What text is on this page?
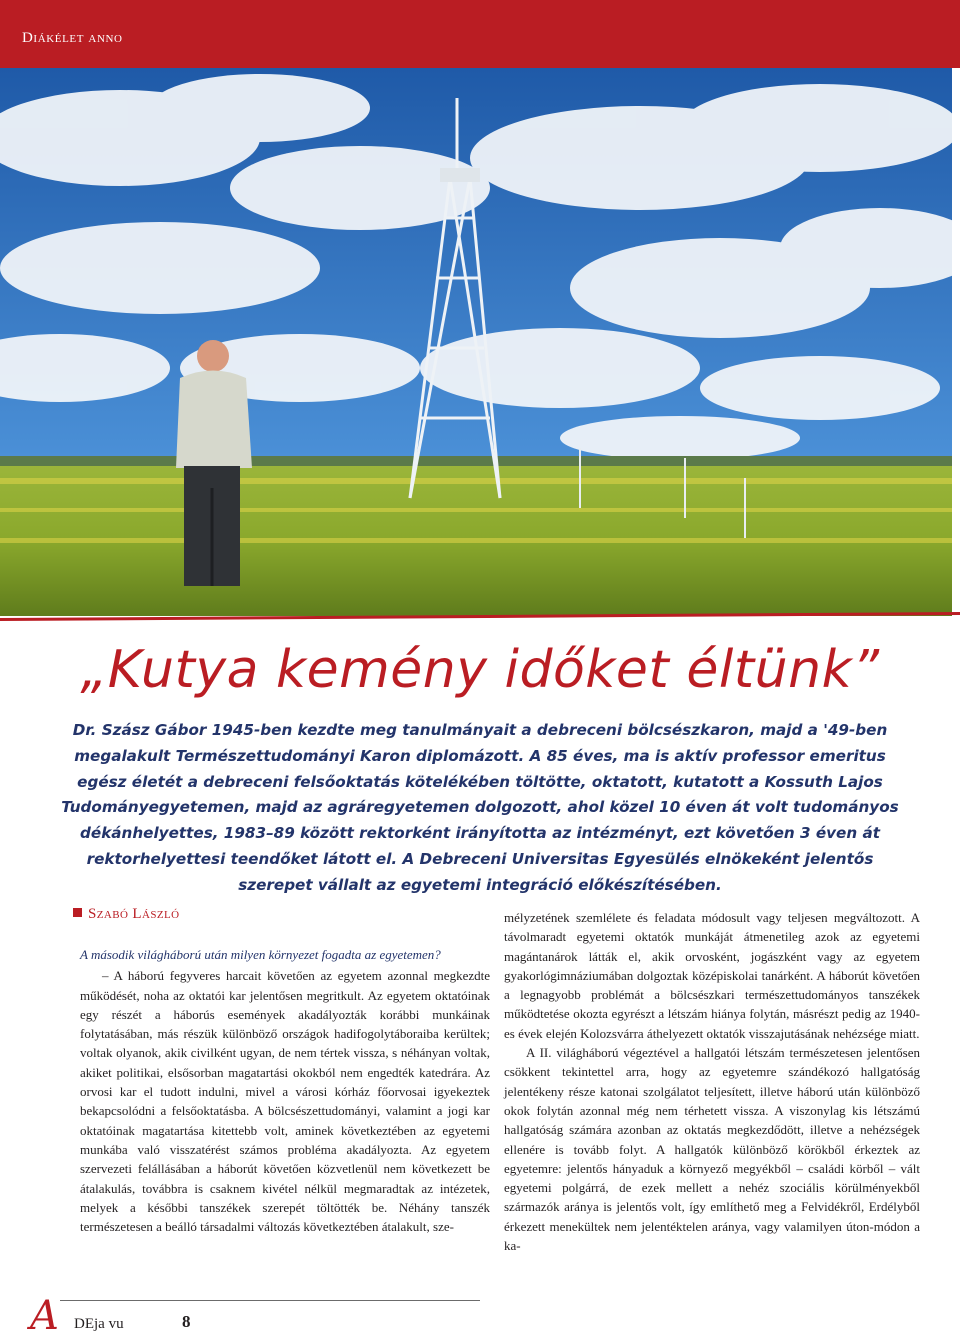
Diákélet anno
„Kutya kemény időket éltünk”
Dr. Szász Gábor 1945-ben kezdte meg tanulmányait a debreceni bölcsészkaron, majd a '49-ben megalakult Természettudományi Karon diplomázott. A 85 éves, ma is aktív professor emeritus egész életét a debreceni felsőoktatás kötelékében töltötte, oktatott, kutatott a Kossuth Lajos Tudományegyetemen, majd az agráregyetemen dolgozott, ahol közel 10 éven át volt tudományos dékánhelyettes, 1983–89 között rektorként irányította az intézményt, ezt követően 3 éven át rektorhelyettesi teendőket látott el. A Debreceni Universitas Egyesülés elnökeként jelentős szerepet vállalt az egyetemi integráció előkészítésében.
Szabó László

A második világháború után milyen környezet fogadta az egyetemen?

– A háború fegyveres harcait követően az egyetem azonnal megkezdte működését, noha az oktatói kar jelentősen megritkult. Az egyetem oktatóinak egy részét a háborús események akadályozták korábbi munkáinak folytatásában, más részük különböző országok hadifogolytáboraiba kerültek; voltak olyanok, akik civilként ugyan, de nem tértek vissza, s néhányan voltak, akiket politikai, elsősorban magatartási okokból nem engedték katedrára. Az orvosi kar el tudott indulni, mivel a városi kórház főorvosai igyekeztek bekapcsolódni a felsőoktatásba. A bölcsészettudományi, valamint a jogi kar oktatóinak magatartása kitettebb volt, aminek következtében az egyetemi munkába való visszatérést számos probléma akadályozta. Az egyetem szervezeti felállásában a háborút követően közvetlenül nem következett be átalakulás, továbbra is csaknem kivétel nélkül megmaradtak az intézetek, melyek a későbbi tanszékek szerepét töltötték be. Néhány tanszék természetesen a beálló társadalmi változás következtében átalakult, sze-

mélyzetének szemlélete és feladata módosult vagy teljesen megváltozott. A távolmaradt egyetemi oktatók munkáját átmenetileg azok az egyetemi magántanárok látták el, akik orvosként, jogászként vagy az egyetem gyakorlógimnáziumában dolgoztak középiskolai tanárként. A háborút követően a legnagyobb problémát a bölcsészkari természettudományos tanszékek működtetése okozta egyrészt a létszám hiánya folytán, másrészt pedig az 1940-es évek elején Kolozsvárra áthelyezett oktatók visszajutásának nehézsége miatt.

A II. világháború végeztével a hallgatói létszám természetesen jelentősen csökkent tekintettel arra, hogy az egyetemre szándékozó hallgatóság jelentékeny része katonai szolgálatot teljesített, illetve háború után különböző okok folytán azonnal még nem térhetett vissza. A viszonylag kis létszámú hallgatóság számára azonban az oktatás megkezdődött, illetve a nehézségek ellenére is tovább folyt. A hallgatók különböző körökből érkeztek az egyetemre: jelentős hányaduk a környező megyékből – családi körből – vált egyetemi polgárrá, de ezek mellett a nehéz szociális körülményekből származók aránya is jelentős volt, így említhető meg a Felvidékről, Erdélyből érkezett menekültek nem jelentéktelen aránya, vagy valamilyen úton-módon a ka-

A DEja vu	8
